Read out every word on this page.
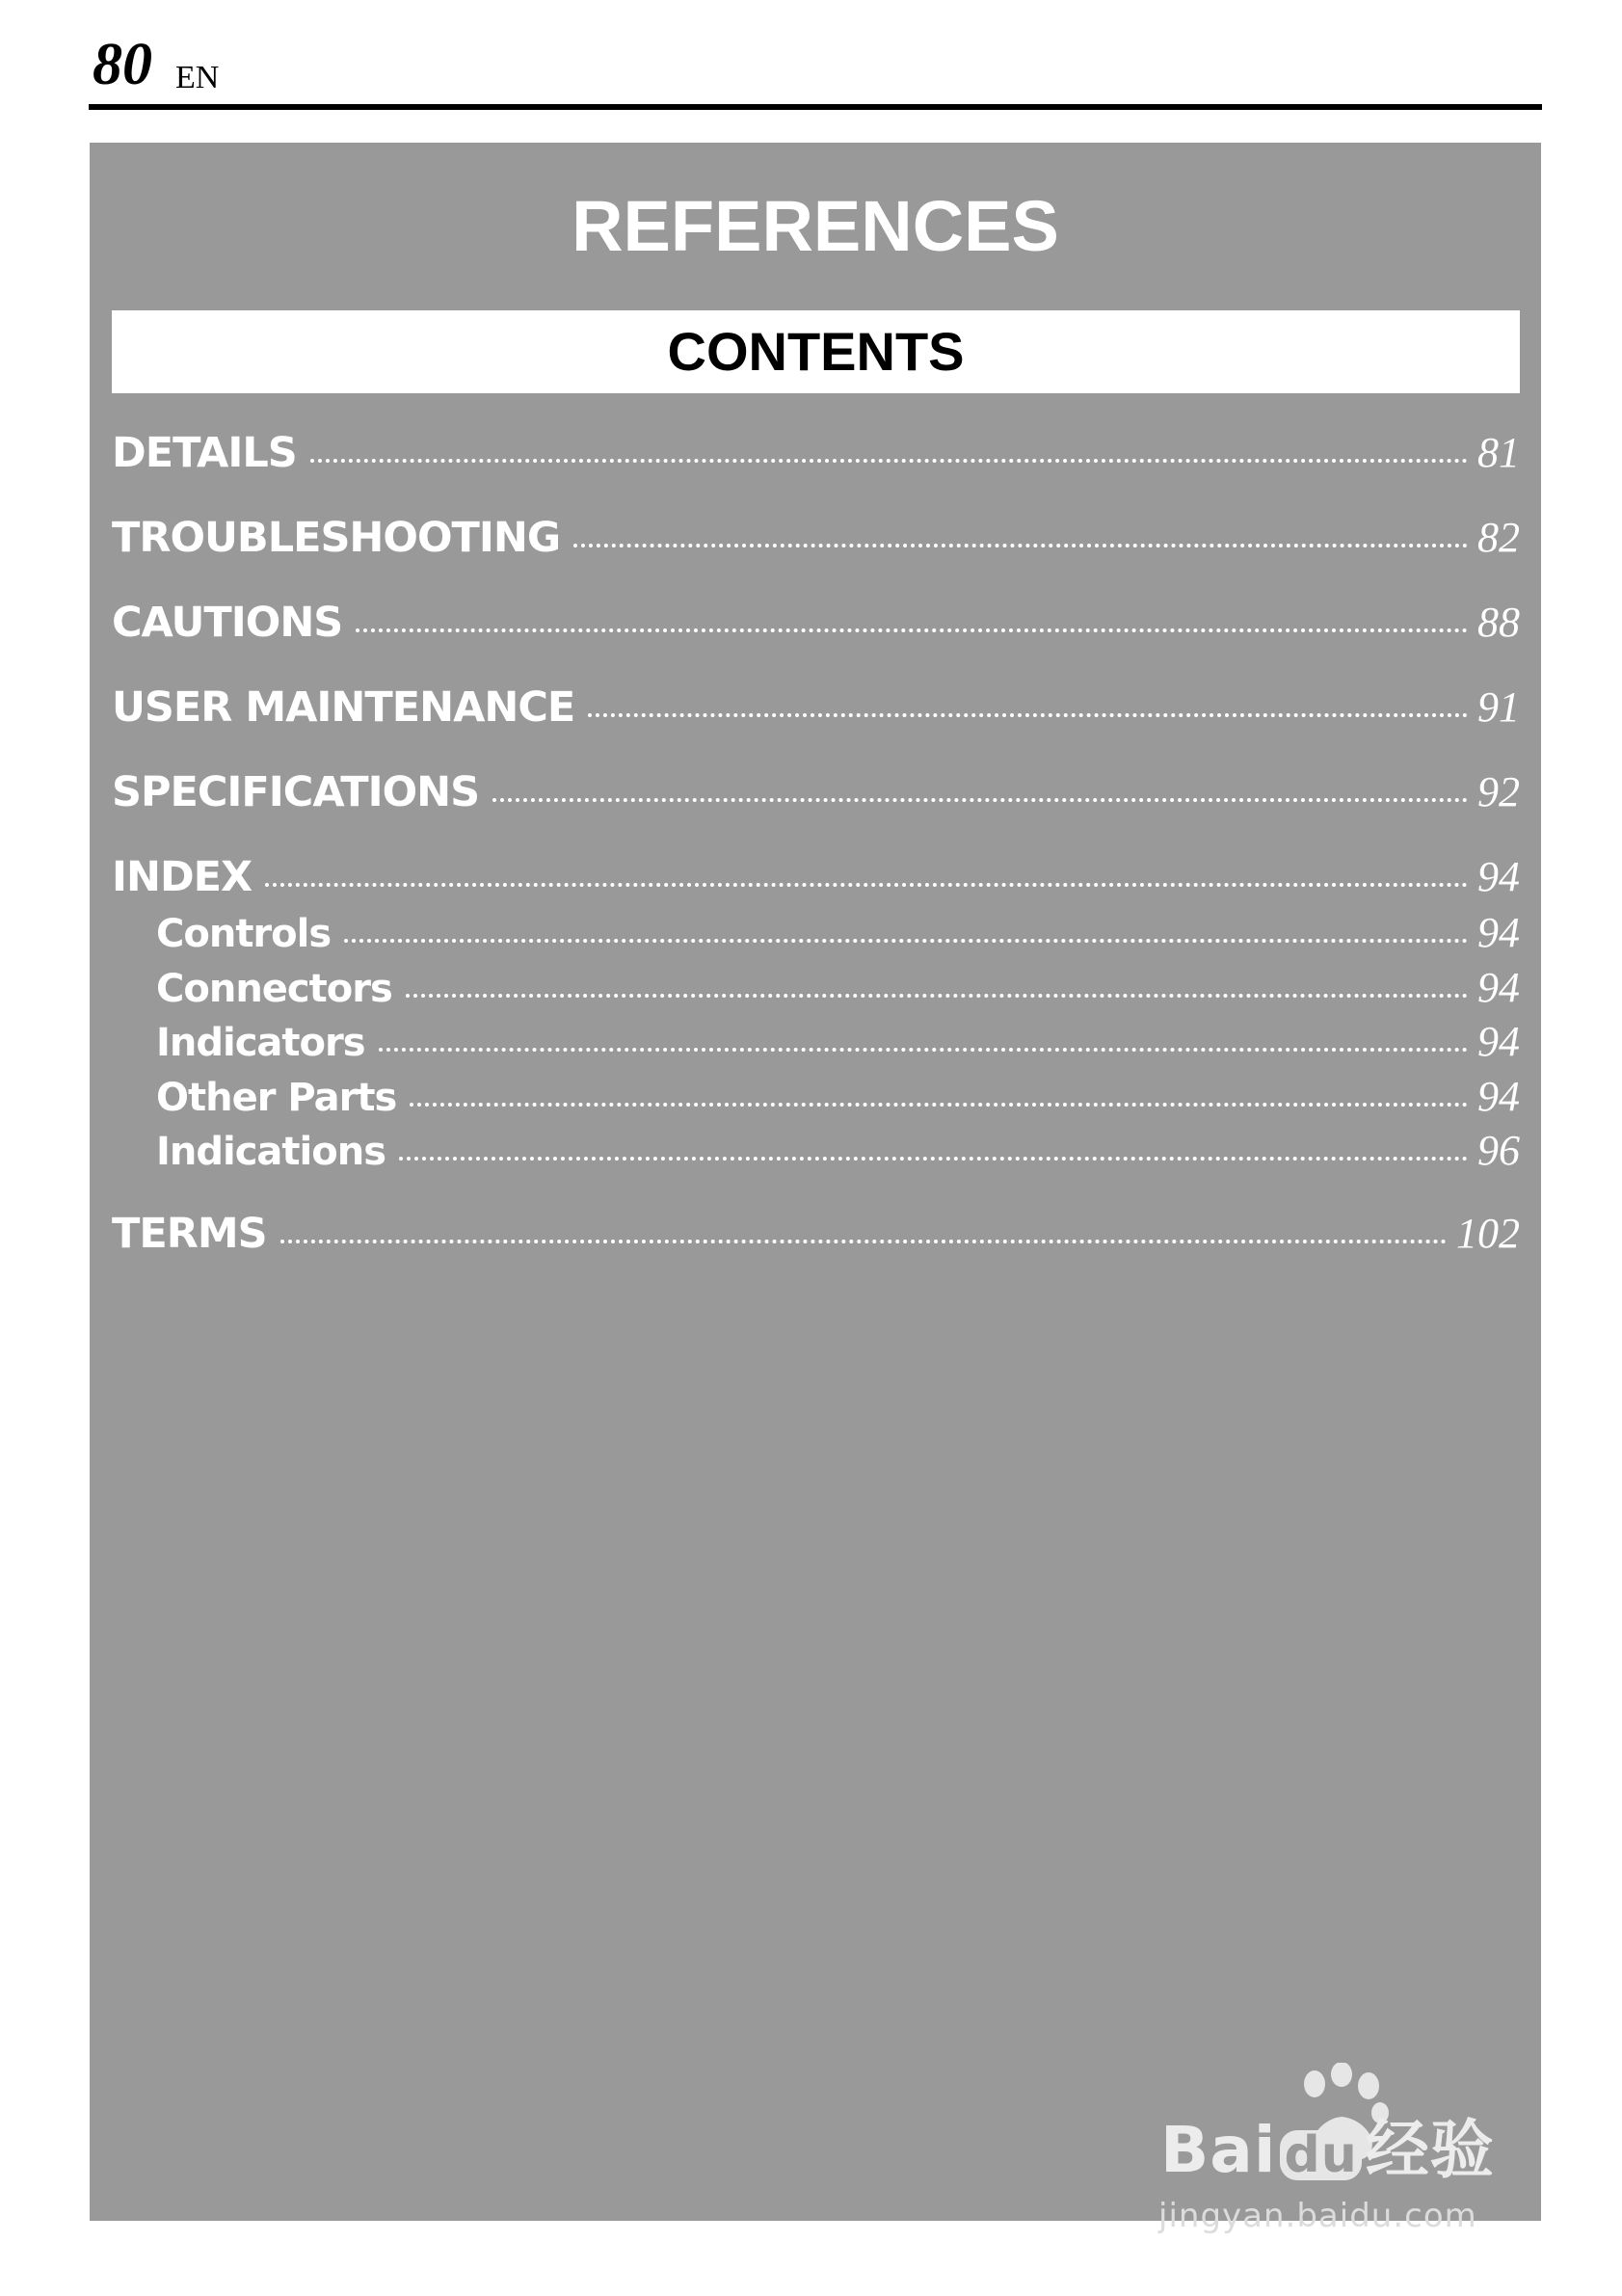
80 EN
REFERENCES
CONTENTS
DETAILS	81
TROUBLESHOOTING	82
CAUTIONS	88
USER MAINTENANCE	91
SPECIFICATIONS	92
INDEX	94
Controls	94
Connectors	94
Indicators	94
Other Parts	94
Indications	96
TERMS	102
Bai du 经验
jingyan.baidu.com
